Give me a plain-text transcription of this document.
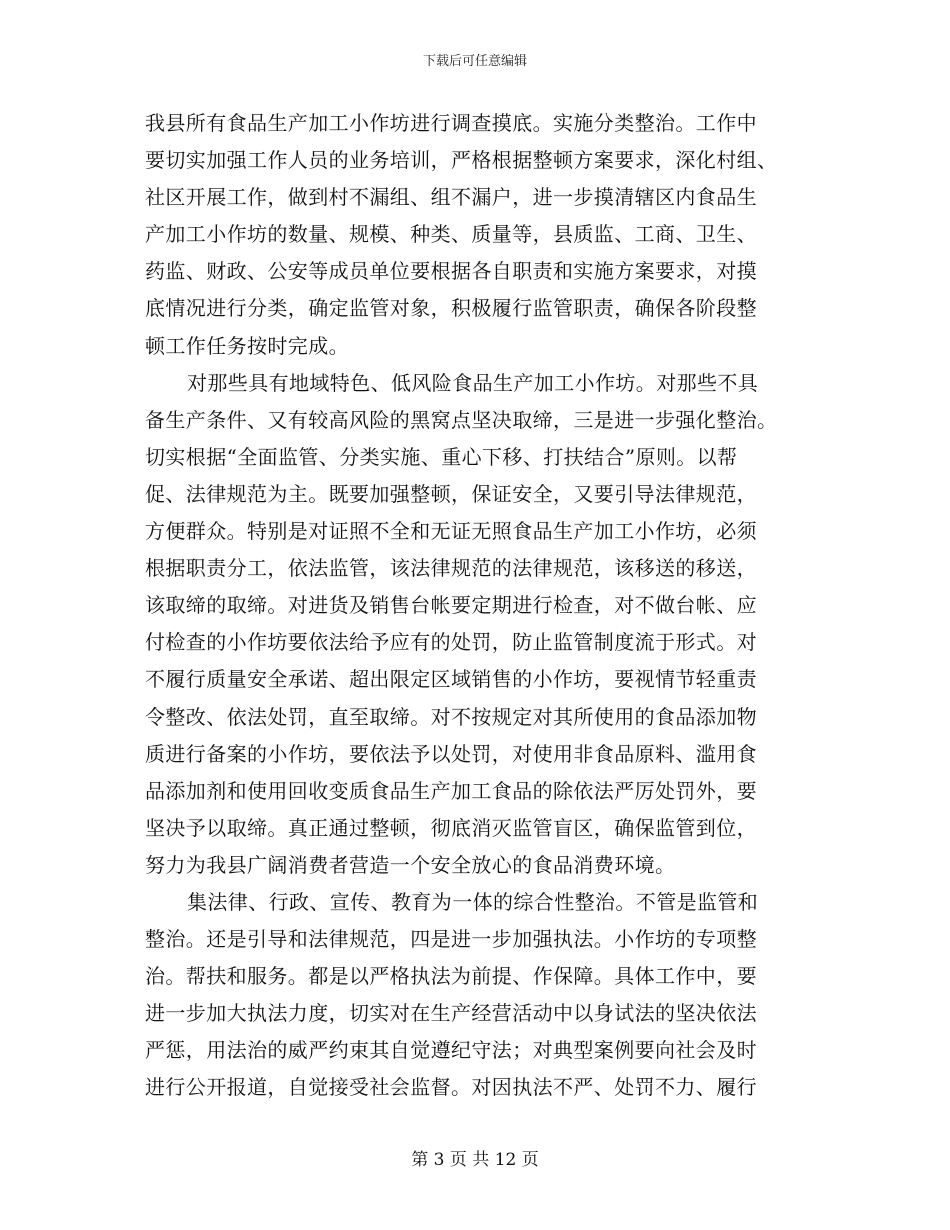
下载后可任意编辑
我县所有食品生产加工小作坊进行调查摸底。实施分类整治。工作中
要切实加强工作人员的业务培训，严格根据整顿方案要求，深化村组、
社区开展工作，做到村不漏组、组不漏户，进一步摸清辖区内食品生
产加工小作坊的数量、规模、种类、质量等，县质监、工商、卫生、
药监、财政、公安等成员单位要根据各自职责和实施方案要求，对摸
底情况进行分类，确定监管对象，积极履行监管职责，确保各阶段整
顿工作任务按时完成。
对那些具有地域特色、低风险食品生产加工小作坊。对那些不具
备生产条件、又有较高风险的黑窝点坚决取缔，三是进一步强化整治。
切实根据“全面监管、分类实施、重心下移、打扶结合”原则。以帮
促、法律规范为主。既要加强整顿，保证安全，又要引导法律规范，
方便群众。特别是对证照不全和无证无照食品生产加工小作坊，必须
根据职责分工，依法监管，该法律规范的法律规范，该移送的移送，
该取缔的取缔。对进货及销售台帐要定期进行检查，对不做台帐、应
付检查的小作坊要依法给予应有的处罚，防止监管制度流于形式。对
不履行质量安全承诺、超出限定区域销售的小作坊，要视情节轻重责
令整改、依法处罚，直至取缔。对不按规定对其所使用的食品添加物
质进行备案的小作坊，要依法予以处罚，对使用非食品原料、滥用食
品添加剂和使用回收变质食品生产加工食品的除依法严厉处罚外，要
坚决予以取缔。真正通过整顿，彻底消灭监管盲区，确保监管到位，
努力为我县广阔消费者营造一个安全放心的食品消费环境。
集法律、行政、宣传、教育为一体的综合性整治。不管是监管和
整治。还是引导和法律规范，四是进一步加强执法。小作坊的专项整
治。帮扶和服务。都是以严格执法为前提、作保障。具体工作中，要
进一步加大执法力度，切实对在生产经营活动中以身试法的坚决依法
严惩，用法治的威严约束其自觉遵纪守法；对典型案例要向社会及时
进行公开报道，自觉接受社会监督。对因执法不严、处罚不力、履行
第 3 页 共 12 页
